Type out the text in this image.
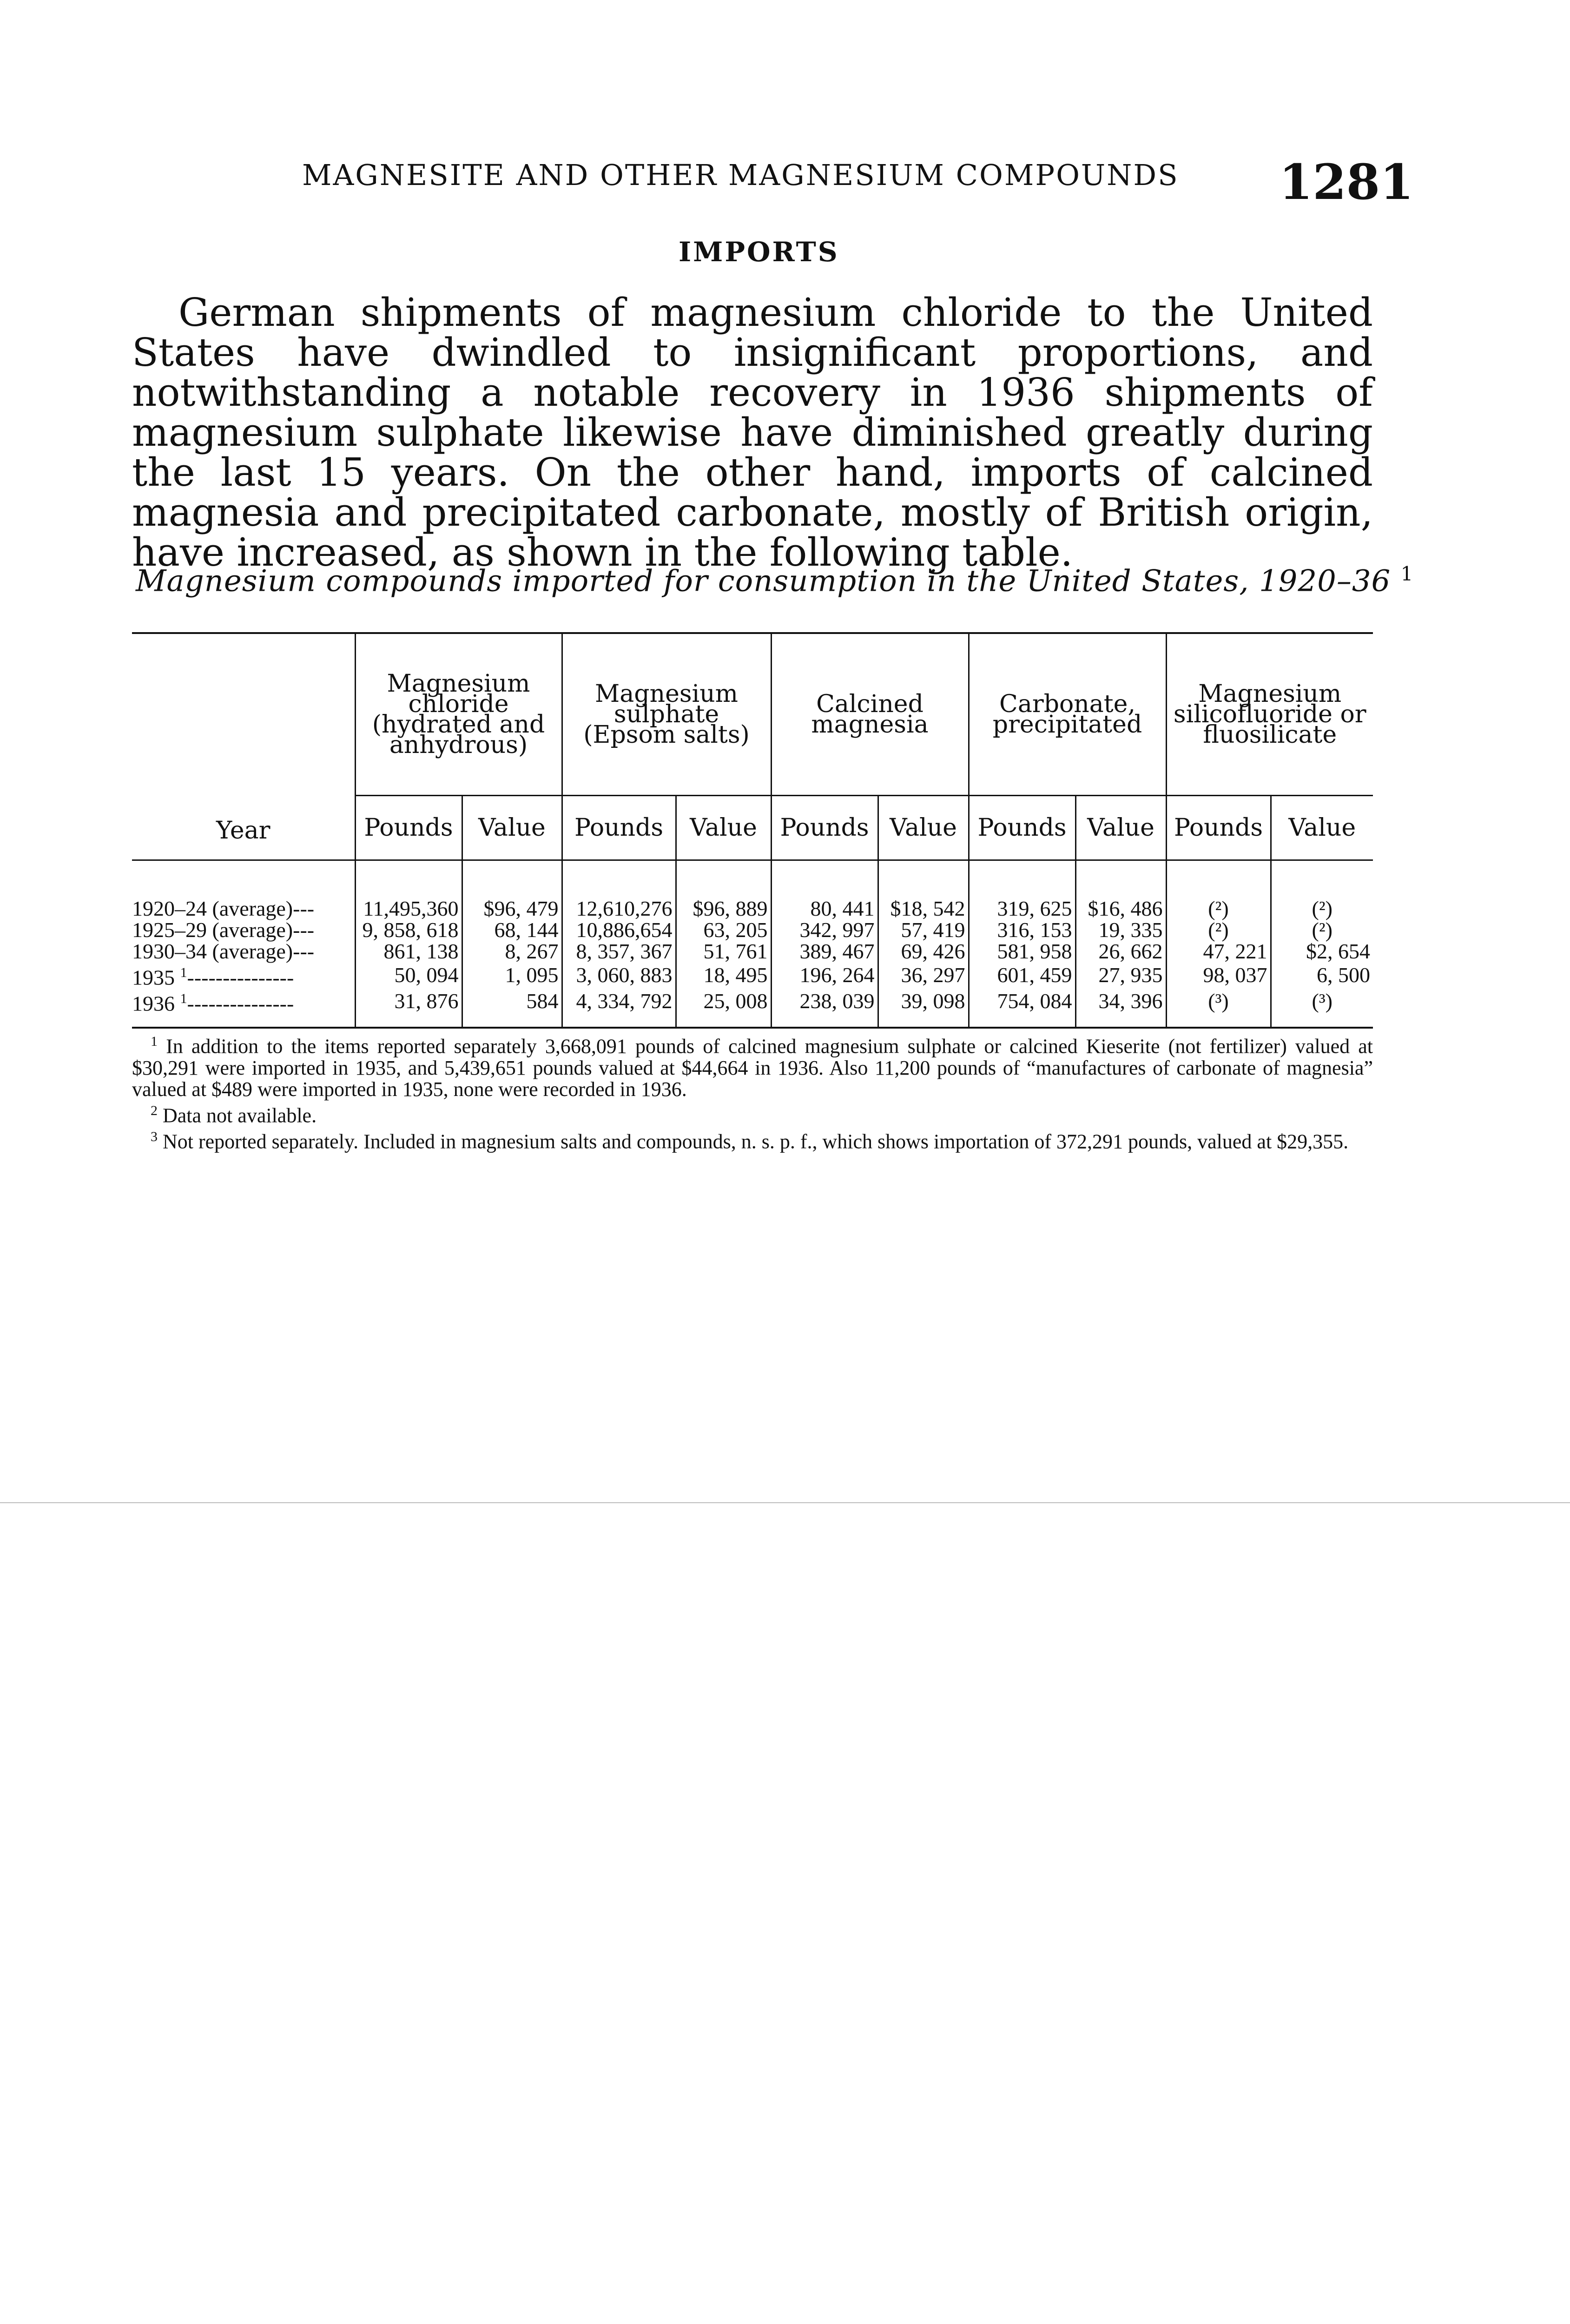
MAGNESITE AND OTHER MAGNESIUM COMPOUNDS 1281
IMPORTS

German shipments of magnesium chloride to the United States have dwindled to insignificant proportions, and notwithstanding a notable recovery in 1936 shipments of magnesium sulphate likewise have diminished greatly during the last 15 years. On the other hand, imports of calcined magnesia and precipitated carbonate, mostly of British origin, have increased, as shown in the following table.

Magnesium compounds imported for consumption in the United States, 1920–36 $^1$
Year	Magnesium chloride (hydrated and anhydrous)		Magnesium sulphate (Epsom salts)		Calcined magnesia		Carbonate, precipitated		Magnesium silicofluoride or fluosilicate	
	Pounds	Value	Pounds	Value	Pounds	Value	Pounds	Value	Pounds	Value
1920–24 (average)---	11,495,360	$96, 479	12,610,276	$96, 889	80, 441	$18, 542	319, 625	$16, 486	(²)	(²)
1925–29 (average)---	9, 858, 618	68, 144	10,886,654	63, 205	342, 997	57, 419	316, 153	19, 335	(²)	(²)
1930–34 (average)---	861, 138	8, 267	8, 357, 367	51, 761	389, 467	69, 426	581, 958	26, 662	47, 221	$2, 654
1935 $^1$---------------	50, 094	1, 095	3, 060, 883	18, 495	196, 264	36, 297	601, 459	27, 935	98, 037	6, 500
1936 $^1$---------------	31, 876	584	4, 334, 792	25, 008	238, 039	39, 098	754, 084	34, 396	(³)	(³)

$^1$ In addition to the items reported separately 3,668,091 pounds of calcined magnesium sulphate or calcined Kieserite (not fertilizer) valued at $30,291 were imported in 1935, and 5,439,651 pounds valued at $44,664 in 1936. Also 11,200 pounds of “manufactures of carbonate of magnesia” valued at $489 were imported in 1935, none were recorded in 1936.

$^2$ Data not available.

$^3$ Not reported separately. Included in magnesium salts and compounds, n. s. p. f., which shows importation of 372,291 pounds, valued at $29,355.
